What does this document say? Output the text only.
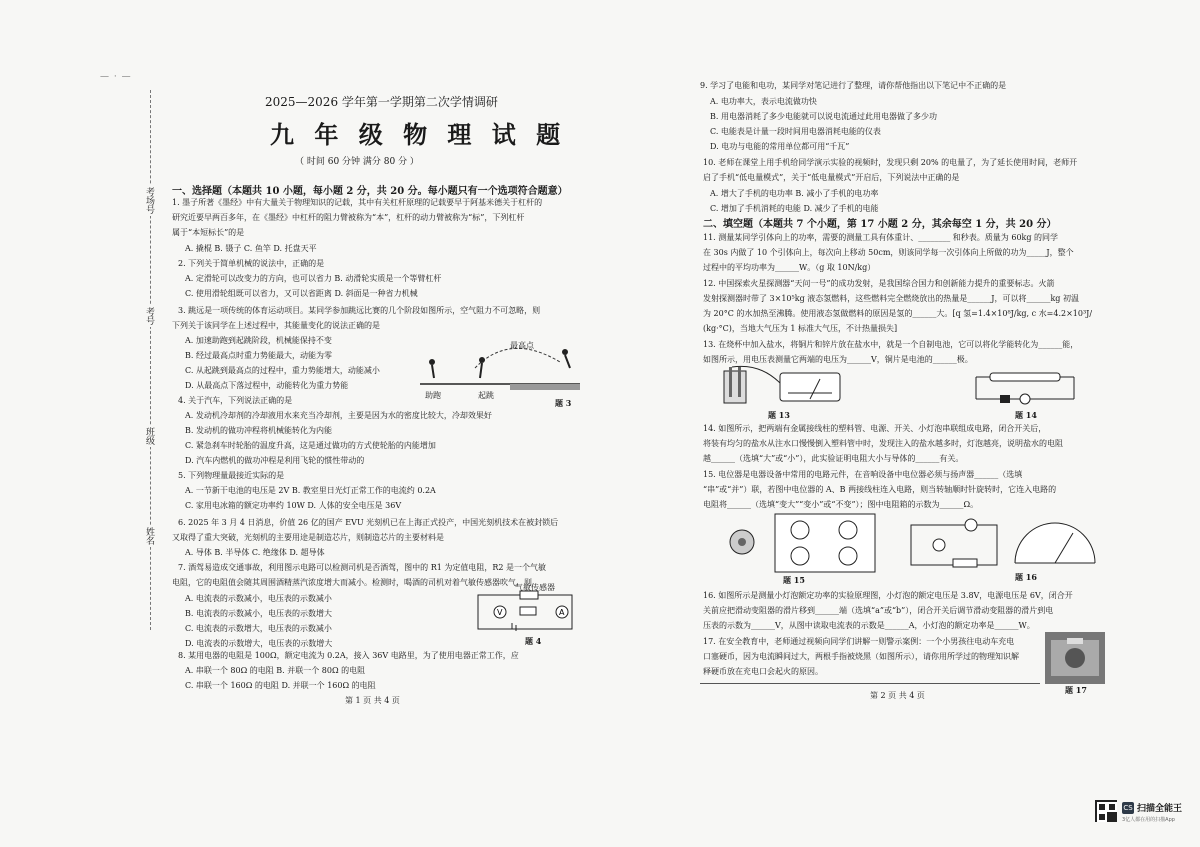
— · —
考场号
考号
班级
姓名
2025—2026 学年第一学期第二次学情调研
九 年 级 物 理 试 题
（ 时间 60 分钟 满分 80 分 ）
一、选择题（本题共 10 小题，每小题 2 分，共 20 分。每小题只有一个选项符合题意）
1. 墨子所著《墨经》中有大量关于物理知识的记载，其中有关杠杆原理的记载要早于阿基米德关于杠杆的
研究近要早两百多年，在《墨经》中杠杆的阻力臂被称为“本”，杠杆的动力臂被称为“标”，下列杠杆
属于“本短标长”的是
A. 撬棍 B. 镊子 C. 鱼竿 D. 托盘天平
2. 下列关于简单机械的说法中，正确的是
A. 定滑轮可以改变力的方向，也可以省力 B. 动滑轮实质是一个等臂杠杆
C. 使用滑轮组既可以省力，又可以省距离 D. 斜面是一种省力机械
3. 跳远是一项传统的体育运动项目。某同学参加跳远比赛的几个阶段如图所示，空气阻力不可忽略，则
下列关于该同学在上述过程中，其能量变化的说法正确的是
A. 加速助跑到起跳阶段，机械能保持不变
B. 经过最高点时重力势能最大，动能为零
C. 从起跳到最高点的过程中，重力势能增大，动能减小
D. 从最高点下落过程中，动能转化为重力势能
助跑	起跳
最高点
题 3
4. 关于汽车，下列说法正确的是
A. 发动机冷却剂的冷却液用水来充当冷却剂，主要是因为水的密度比较大，冷却效果好
B. 发动机的做功冲程将机械能转化为内能
C. 紧急刹车时轮胎的温度升高，这是通过做功的方式使轮胎的内能增加
D. 汽车内燃机的做功冲程是利用飞轮的惯性带动的
5. 下列物理量最接近实际的是
A. 一节新干电池的电压是 2V B. 教室里日光灯正常工作的电流约 0.2A
C. 家用电冰箱的额定功率约 10W D. 人体的安全电压是 36V
6. 2025 年 3 月 4 日消息，价值 26 亿的国产 EVU 光刻机已在上海正式投产，中国光刻机技术在被封锁后
又取得了重大突破，光刻机的主要用途是制造芯片，则制造芯片的主要材料是
A. 导体 B. 半导体 C. 绝缘体 D. 超导体
7. 酒驾易造成交通事故，利用图示电路可以检测司机是否酒驾，图中的 R1 为定值电阻，R2 是一个气敏
电阻，它的电阻值会随其周围酒精蒸汽浓度增大而减小。检测时，喝酒的司机对着气敏传感器吹气，则
A. 电流表的示数减小，电压表的示数减小
B. 电流表的示数减小，电压表的示数增大
C. 电流表的示数增大，电压表的示数减小
D. 电流表的示数增大，电压表的示数增大
V	A
气敏传感器
题 4
8. 某用电器的电阻是 100Ω，额定电流为 0.2A，接入 36V 电路里，为了使用电器正常工作，应
A. 串联一个 80Ω 的电阻 B. 并联一个 80Ω 的电阻
C. 串联一个 160Ω 的电阻 D. 并联一个 160Ω 的电阻
第 1 页 共 4 页
9. 学习了电能和电功，某同学对笔记进行了整理，请你帮他指出以下笔记中不正确的是
A. 电功率大，表示电流做功快
B. 用电器消耗了多少电能就可以说电流通过此用电器做了多少功
C. 电能表是计量一段时间用电器消耗电能的仪表
D. 电功与电能的常用单位都可用“千瓦”
10. 老师在课堂上用手机给同学演示实验的视频时，发现只剩 20% 的电量了，为了延长使用时间，老师开
启了手机“低电量模式”，关于“低电量模式”开启后，下列说法中正确的是
A. 增大了手机的电功率 B. 减小了手机的电功率
C. 增加了手机消耗的电能 D. 减少了手机的电能
二、填空题（本题共 7 个小题，第 17 小题 2 分，其余每空 1 分，共 20 分）
11. 测量某同学引体向上的功率，需要的测量工具有体重计、________ 和秒表。质量为 60kg 的同学
在 30s 内做了 10 个引体向上，每次向上移动 50cm，则该同学每一次引体向上所做的功为_____J，整个
过程中的平均功率为______W。（g 取 10N/kg）
12. 中国探索火星探测器“天问一号”的成功发射，是我国综合国力和创新能力提升的重要标志。火箭
发射探测器时带了 3×10⁵kg 液态氢燃料，这些燃料完全燃烧放出的热量是______J，可以将______kg 初温
为 20°C 的水加热至沸腾。使用液态氢做燃料的原因是氢的______大。[q 氢=1.4×10⁸J/kg, c 水=4.2×10³J/
(kg·°C)，当地大气压为 1 标准大气压，不计热量损失]
13. 在烧杯中加入盐水，将铜片和锌片放在盐水中，就是一个自制电池，它可以将化学能转化为______能，
如图所示，用电压表测量它两端的电压为______V，铜片是电池的______极。
题 13	题 14
14. 如图所示，把两端有金属接线柱的塑料管、电源、开关、小灯泡串联组成电路，闭合开关后，
将装有均匀的盐水从注水口慢慢倒入塑料管中时，发现注入的盐水越多时，灯泡越亮，说明盐水的电阻
越______（选填“大”或“小”），此实验证明电阻大小与导体的______有关。
15. 电位器是电器设备中常用的电路元件，在音响设备中电位器必须与扬声器______（选填
“串”或“并”）联，若图中电位器的 A、B 两接线柱连入电路，则当转轴顺时针旋转时，它连入电路的
电阻将______（选填“变大”“变小”或“不变”）；图中电阻箱的示数为______Ω。
题 15	题 16
16. 如图所示是测量小灯泡额定功率的实验原理图，小灯泡的额定电压是 3.8V，电源电压是 6V，闭合开
关前应把滑动变阻器的滑片移到______端（选填“a”或“b”），闭合开关后调节滑动变阻器的滑片到电
压表的示数为______V，从图中读取电流表的示数是______A，小灯泡的额定功率是______W。
17. 在安全教育中，老师通过视频向同学们讲解一则警示案例：一个小男孩往电动车充电
口塞硬币，因为电流瞬间过大，两根手指被烧黑（如图所示），请你用所学过的物理知识解
释硬币放在充电口会起火的原因。
题 17
第 2 页 共 4 页
CS 扫描全能王
3亿人都在用的扫描App
